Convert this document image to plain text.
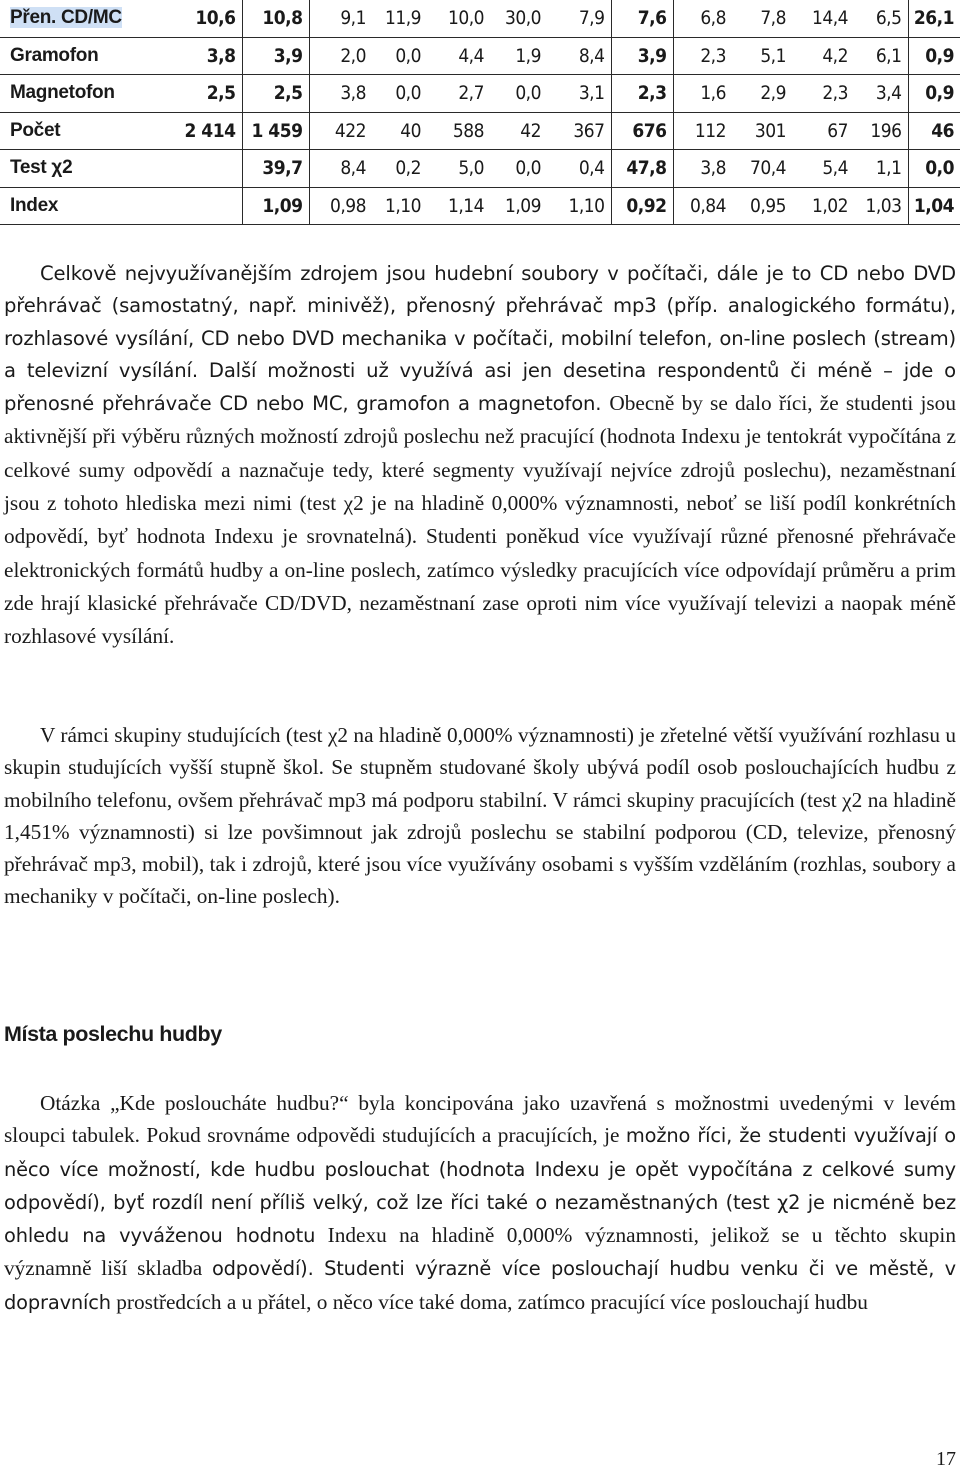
Přen. CD/MC	10,6	10,8	9,1	11,9	10,0	30,0	7,9	7,6	6,8	7,8	14,4	6,5	26,1
Gramofon	3,8	3,9	2,0	0,0	4,4	1,9	8,4	3,9	2,3	5,1	4,2	6,1	0,9
Magnetofon	2,5	2,5	3,8	0,0	2,7	0,0	3,1	2,3	1,6	2,9	2,3	3,4	0,9
Počet	2 414	1 459	422	40	588	42	367	676	112	301	67	196	46
Test χ2		39,7	8,4	0,2	5,0	0,0	0,4	47,8	3,8	70,4	5,4	1,1	0,0
Index		1,09	0,98	1,10	1,14	1,09	1,10	0,92	0,84	0,95	1,02	1,03	1,04

Celkově nejvyužívanějším zdrojem jsou hudební soubory v počítači, dále je to CD nebo DVD přehrávač (samostatný, např. minivěž), přenosný přehrávač mp3 (příp. analogického formátu), rozhlasové vysílání, CD nebo DVD mechanika v počítači, mobilní telefon, on-line poslech (stream) a televizní vysílání. Další možnosti už využívá asi jen desetina respondentů či méně – jde o přenosné přehrávače CD nebo MC, gramofon a magnetofon. Obecně by se dalo říci, že studenti jsou aktivnější při výběru různých možností zdrojů poslechu než pracující (hodnota Indexu je tentokrát vypočítána z celkové sumy odpovědí a naznačuje tedy, které segmenty využívají nejvíce zdrojů poslechu), nezaměstnaní jsou z tohoto hlediska mezi nimi (test χ2 je na hladině 0,000% významnosti, neboť se liší podíl konkrétních odpovědí, byť hodnota Indexu je srovnatelná). Studenti poněkud více využívají různé přenosné přehrávače elektronických formátů hudby a on-line poslech, zatímco výsledky pracujících více odpovídají průměru a prim zde hrají klasické přehrávače CD/DVD, nezaměstnaní zase oproti nim více využívají televizi a naopak méně rozhlasové vysílání.

V rámci skupiny studujících (test χ2 na hladině 0,000% významnosti) je zřetelné větší využívání rozhlasu u skupin studujících vyšší stupně škol. Se stupněm studované školy ubývá podíl osob poslouchajících hudbu z mobilního telefonu, ovšem přehrávač mp3 má podporu stabilní. V rámci skupiny pracujících (test χ2 na hladině 1,451% významnosti) si lze povšimnout jak zdrojů poslechu se stabilní podporou (CD, televize, přenosný přehrávač mp3, mobil), tak i zdrojů, které jsou více využívány osobami s vyšším vzděláním (rozhlas, soubory a mechaniky v počítači, on-line poslech).

Místa poslechu hudby

Otázka „Kde posloucháte hudbu?“ byla koncipována jako uzavřená s možnostmi uvedenými v levém sloupci tabulek. Pokud srovnáme odpovědi studujících a pracujících, je možno říci, že studenti využívají o něco více možností, kde hudbu poslouchat (hodnota Indexu je opět vypočítána z celkové sumy odpovědí), byť rozdíl není příliš velký, což lze říci také o nezaměstnaných (test χ2 je nicméně bez ohledu na vyváženou hodnotu Indexu na hladině 0,000% významnosti, jelikož se u těchto skupin významně liší skladba odpovědí). Studenti výrazně více poslouchají hudbu venku či ve městě, v dopravních prostředcích a u přátel, o něco více také doma, zatímco pracující více poslouchají hudbu

17
